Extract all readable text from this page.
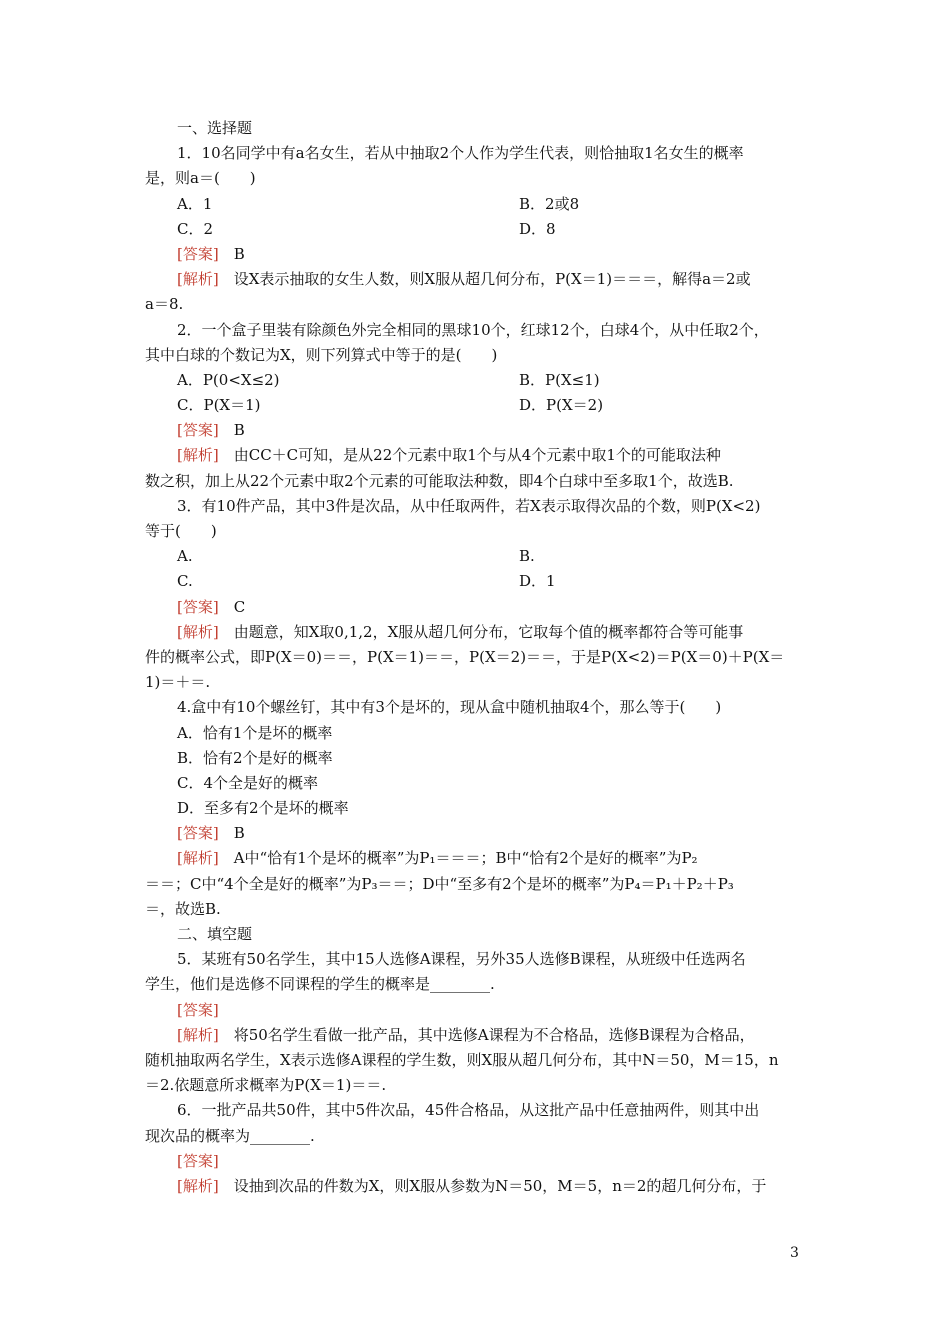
一、选择题
1．10名同学中有a名女生，若从中抽取2个人作为学生代表，则恰抽取1名女生的概率
是，则a＝(　　)
A．1	B．2或8
C．2	D．8
[答案]　B
[解析]　设X表示抽取的女生人数，则X服从超几何分布，P(X＝1)＝＝＝，解得a＝2或
a＝8.
2．一个盒子里装有除颜色外完全相同的黑球10个，红球12个，白球4个，从中任取2个，
其中白球的个数记为X，则下列算式中等于的是(　　)
A．P(0<X≤2)	B．P(X≤1)
C．P(X＝1)	D．P(X＝2)
[答案]　B
[解析]　由CC＋C可知，是从22个元素中取1个与从4个元素中取1个的可能取法种
数之积，加上从22个元素中取2个元素的可能取法种数，即4个白球中至多取1个，故选B.
3．有10件产品，其中3件是次品，从中任取两件，若X表示取得次品的个数，则P(X<2)
等于(　　)
A.	B.
C.	D．1
[答案]　C
[解析]　由题意，知X取0,1,2，X服从超几何分布，它取每个值的概率都符合等可能事
件的概率公式，即P(X＝0)＝＝，P(X＝1)＝＝，P(X＝2)＝＝，于是P(X<2)＝P(X＝0)＋P(X＝
1)＝＋＝.
4.盒中有10个螺丝钉，其中有3个是坏的，现从盒中随机抽取4个，那么等于(　　)
A．恰有1个是坏的概率
B．恰有2个是好的概率
C．4个全是好的概率
D．至多有2个是坏的概率
[答案]　B
[解析]　A中“恰有1个是坏的概率”为P₁＝＝＝；B中“恰有2个是好的概率”为P₂
＝＝；C中“4个全是好的概率”为P₃＝＝；D中“至多有2个是坏的概率”为P₄＝P₁＋P₂＋P₃
＝，故选B.
二、填空题
5．某班有50名学生，其中15人选修A课程，另外35人选修B课程，从班级中任选两名
学生，他们是选修不同课程的学生的概率是________.
[答案]
[解析]　将50名学生看做一批产品，其中选修A课程为不合格品，选修B课程为合格品，
随机抽取两名学生，X表示选修A课程的学生数，则X服从超几何分布，其中N＝50，M＝15，n
＝2.依题意所求概率为P(X＝1)＝＝.
6．一批产品共50件，其中5件次品，45件合格品，从这批产品中任意抽两件，则其中出
现次品的概率为________.
[答案]
[解析]　设抽到次品的件数为X，则X服从参数为N＝50，M＝5，n＝2的超几何分布，于
3
